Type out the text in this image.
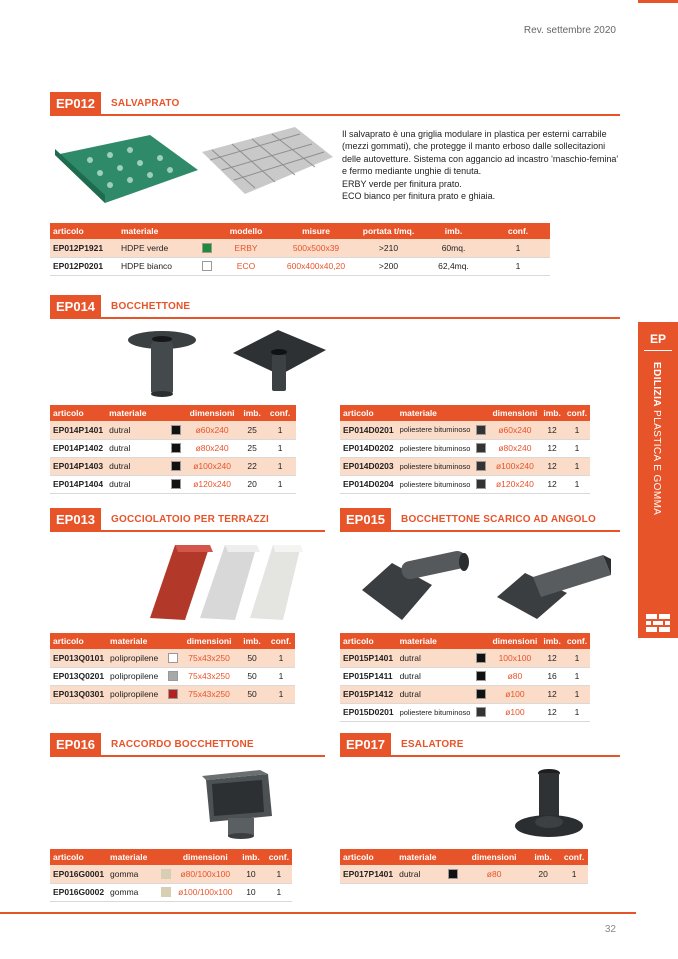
Rev. settembre 2020
EP012	SALVAPRATO
Il salvaprato è una griglia modulare in plastica per esterni carrabile (mezzi gommati), che protegge il manto erboso dalle sollecitazioni delle autovetture. Sistema con aggancio ad incastro 'maschio-femina' e fermo mediante unghie di tenuta.
ERBY verde per finitura prato.
ECO bianco per finitura prato e ghiaia.
articolo	materiale		modello	misure	portata t/mq.	imb.	conf.
EP012P1921	HDPE verde		ERBY	500x500x39	>210	60mq.	1
EP012P0201	HDPE bianco		ECO	600x400x40,20	>200	62,4mq.	1
EP014	BOCCHETTONE
articolo	materiale		dimensioni	imb.	conf.
EP014P1401	dutral		ø60x240	25	1
EP014P1402	dutral		ø80x240	25	1
EP014P1403	dutral		ø100x240	22	1
EP014P1404	dutral		ø120x240	20	1
articolo	materiale		dimensioni	imb.	conf.
EP014D0201	poliestere bituminoso		ø60x240	12	1
EP014D0202	poliestere bituminoso		ø80x240	12	1
EP014D0203	poliestere bituminoso		ø100x240	12	1
EP014D0204	poliestere bituminoso		ø120x240	12	1
EP013	GOCCIOLATOIO PER TERRAZZI
articolo	materiale		dimensioni	imb.	conf.
EP013Q0101	polipropilene		75x43x250	50	1
EP013Q0201	polipropilene		75x43x250	50	1
EP013Q0301	polipropilene		75x43x250	50	1
EP015	BOCCHETTONE SCARICO AD ANGOLO
articolo	materiale		dimensioni	imb.	conf.
EP015P1401	dutral		100x100	12	1
EP015P1411	dutral		ø80	16	1
EP015P1412	dutral		ø100	12	1
EP015D0201	poliestere bituminoso		ø100	12	1
EP016	RACCORDO BOCCHETTONE
articolo	materiale		dimensioni	imb.	conf.
EP016G0001	gomma		ø80/100x100	10	1
EP016G0002	gomma		ø100/100x100	10	1
EP017	ESALATORE
articolo	materiale		dimensioni	imb.	conf.
EP017P1401	dutral		ø80	20	1
EP
EDILIZIA PLASTICA E GOMMA
32
